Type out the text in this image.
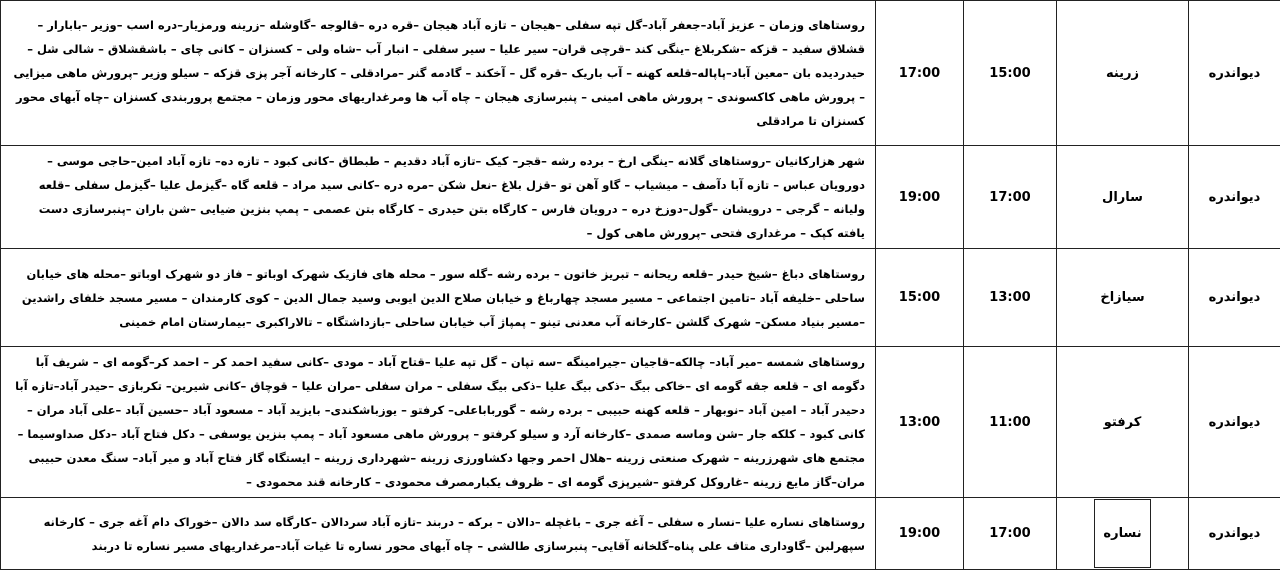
دیواندره	زرینه	15:00	17:00	روستاهای وزمان – عزیز آباد–جعفر آباد–گل تپه سفلی –هیجان – تازه آباد هیجان –قره دره –قالوجه –گاوشله –زرینه ورمزیار–دره اسب –وزیر –بابارار – قشلاق سفید – قزکه –شکربلاغ –ینگی کند –قرچی قران– سیر علیا – سیر سفلی – انبار آب –شاه ولی – کسنزان – کانی چای – باشقشلاق – شالی شل – حیدردیده بان –معین آباد–پاپاله–قلعه کهنه – آب باریک –قره گل – آخکند – گادمه گنر –مرادقلی – کارخانه آجر پزی قزکه – سیلو وزیر –پرورش ماهی میزایی – پرورش ماهی کاکسوندی – پرورش ماهی امینی – پنبرسازی هیجان – چاه آب ها ومرغداریهای محور وزمان – مجتمع پروربندی کسنزان –چاه آبهای محور کسنزان تا مرادقلی
دیواندره	سارال	17:00	19:00	شهر هزارکانیان –روستاهای گلانه –ینگی ارخ – برده رشه –قجر– کیک –تازه آباد دقدیم – طبطاق –کانی کبود – تازه ده– تازه آباد امین–حاجی موسی – دورویان عباس – تازه آبا دآصف – میشیاب – گاو آهن تو –قزل بلاغ –نعل شکن –مره دره –کانی سید مراد – قلعه گاه –گیزمل علیا –گیزمل سفلی –قلعه ولیانه – گرجی – درویشان –گول–دوزخ دره – درویان فارس – کارگاه بتن حیدری – کارگاه بتن عصمی – پمپ بنزین ضیایی –شن باران –پنبرسازی دست یافته کپک – مرغداری فتحی –پرورش ماهی کول –
دیواندره	سیازاخ	13:00	15:00	روستاهای دباغ –شیخ حیدر –قلعه ریحانه – تبریز خاتون – برده رشه –گله سور – محله های فازیک شهرک اوباتو – فاز دو شهرک اوباتو –محله های خیابان ساحلی –خلیفه آباد –تامین اجتماعی – مسیر مسجد چهارباغ و خیابان صلاح الدین ایوبی وسید جمال الدین – کوی کارمندان – مسیر مسجد خلفای راشدین –مسیر بنیاد مسکن– شهرک گلشن –کارخانه آب معدنی تینو – پمپاژ آب خیابان ساحلی –بازداشتگاه – تالاراکبری –بیمارستان امام خمینی
دیواندره	کرفتو	11:00	13:00	روستاهای شمسه –میر آباد– چالکه–قاجیان –جیرامینگه –سه تپان – گل تپه علیا –قتاح آباد – مودی –کانی سفید احمد کر – احمد کر–گومه ای – شریف آبا دگومه ای – قلعه جقه گومه ای –خاکی بیگ –ذکی بیگ علیا –ذکی بیگ سفلی – مران سفلی –مران علیا – قوچاق –کانی شیرین– تکربازی –حیدر آباد–تازه آبا دحیدر آباد – امین آباد –نوبهار – قلعه کهنه حبیبی – برده رشه – گورباباعلی– کرفتو – یوزباشکندی– بایزید آباد – مسعود آباد –حسین آباد –علی آباد مران –کانی کبود – کلکه جار –شن وماسه صمدی –کارخانه آرد و سیلو کرفتو – پرورش ماهی مسعود آباد – پمپ بنزین یوسفی – دکل فتاح آباد –دکل صداوسیما – مجتمع های شهرزرینه – شهرک صنعتی زرینه –هلال احمر وجها دکشاورزی زرینه –شهرداری زرینه – ایستگاه گاز فتاح آباد و میر آباد– سنگ معدن حبیبی مران–گاز مایع زرینه –غاروکل کرفتو –شیرپزی گومه ای – ظروف یکبارمصرف محمودی – کارخانه قند محمودی –
دیواندره	نساره	17:00	19:00	روستاهای نساره علیا –نسار ه سفلی – آغه جری – باغچله –دالان – برکه – دربند –تازه آباد سردالان –کارگاه سد دالان –خوراک دام آغه جری – کارخانه سپهرلبن –گاوداری متاف علی پناه–گلخانه آقایی– پنبرسازی طالشی – چاه آبهای محور نساره تا غیات آباد–مرغداریهای مسیر نساره تا دربند
